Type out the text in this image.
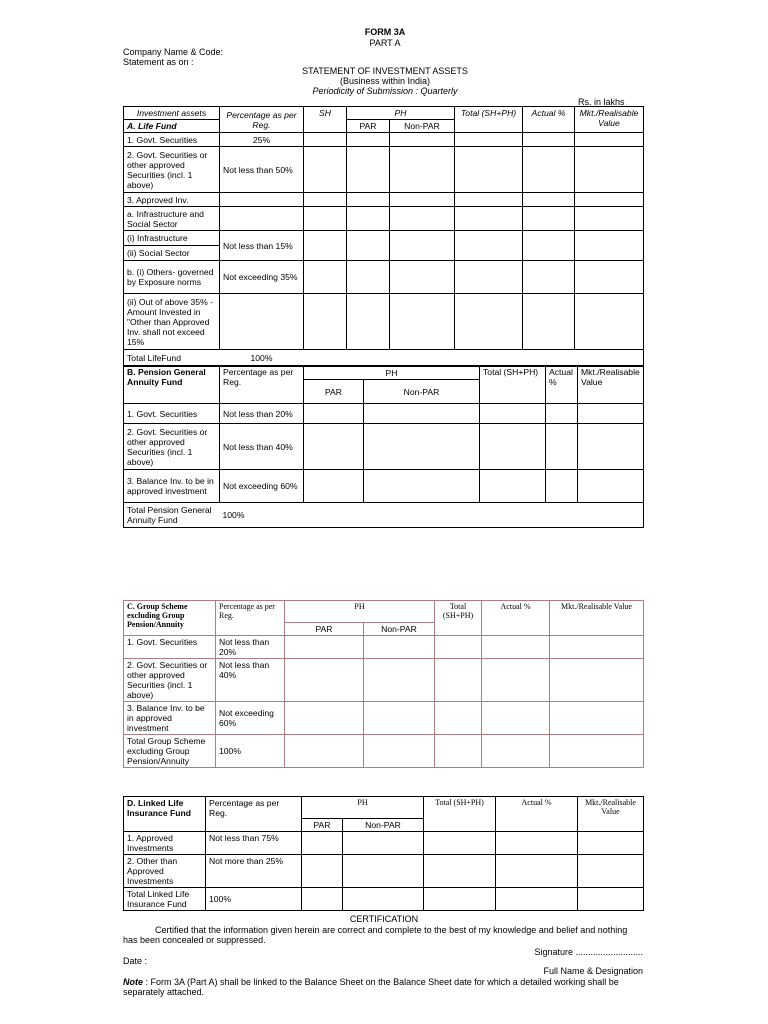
FORM 3A
PART A
Company Name & Code:
Statement as on :
STATEMENT OF INVESTMENT ASSETS
(Business within India)
Periodicity of Submission : Quarterly
Rs. in lakhs
Investment assets	Percentage as per Reg.	SH	PH		Total (SH+PH)	Actual %	Mkt./Realisable Value
A. Life Fund			PAR	Non-PAR			
1. Govt. Securities	25%						
2. Govt. Securities or other approved Securities (incl. 1 above)	Not less than 50%						
3. Approved Inv.							
a. Infrastructure and Social Sector							
(i) Infrastructure	Not less than 15%						
(ii) Social Sector							
b. (i) Others- governed by Exposure norms	Not exceeding 35%						
(ii) Out of above 35% - Amount Invested in "Other than Approved Inv. shall not exceed 15%							
Total LifeFund	100%						
B. Pension General Annuity Fund	Percentage as per Reg.	PH		Total (SH+PH)	Actual %	Mkt./Realisable Value
		PAR	Non-PAR			
1. Govt. Securities	Not less than 20%					
2. Govt. Securities or other approved Securities (incl. 1 above)	Not less than 40%					
3. Balance Inv. to be in approved investment	Not exceeding 60%					
Total Pension General Annuity Fund	100%					
C. Group Scheme excluding Group Pension/Annuity	Percentage as per Reg.	PH		Total (SH+PH)	Actual %	Mkt./Realisable Value
		PAR	Non-PAR			
1. Govt. Securities	Not less than 20%					
2. Govt. Securities or other approved Securities (incl. 1 above)	Not less than 40%					
3. Balance Inv. to be in approved investment	Not exceeding 60%					
Total Group Scheme excluding Group Pension/Annuity	100%					
D. Linked Life Insurance Fund	Percentage as per Reg.	PH		Total (SH+PH)	Actual %	Mkt./Realisable Value
		PAR	Non-PAR			
1. Approved Investments	Not less than 75%					
2. Other than Approved Investments	Not more than 25%					
Total Linked Life Insurance Fund	100%					
CERTIFICATION
Certified that the information given herein are correct and complete to the best of my knowledge and belief and nothing has been concealed or suppressed.
Signature ...........................
Date :
Full Name & Designation
Note : Form 3A (Part A) shall be linked to the Balance Sheet on the Balance Sheet date for which a detailed working shall be separately attached.
